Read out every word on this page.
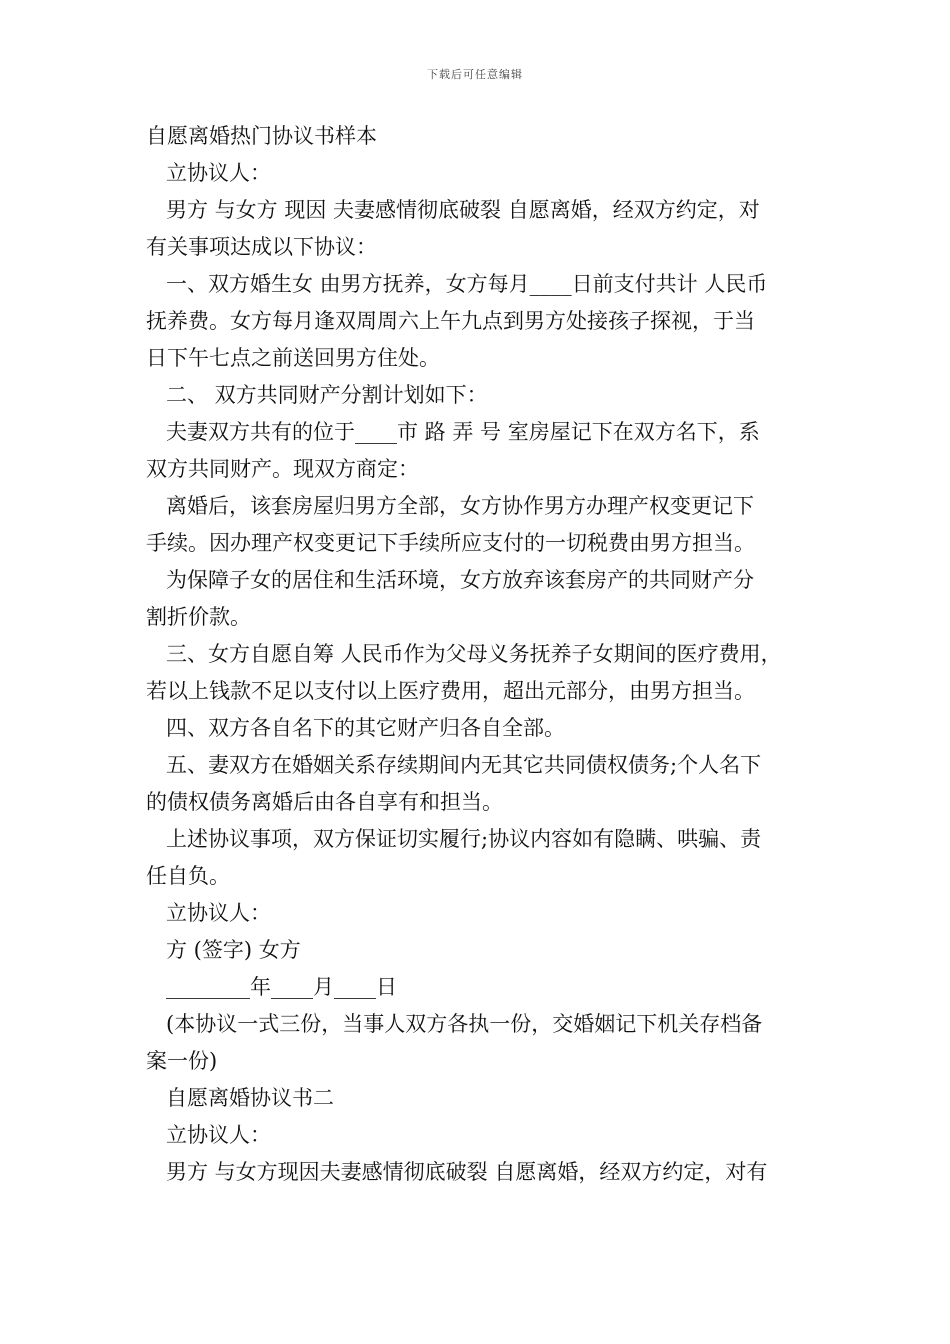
下载后可任意编辑
自愿离婚热门协议书样本
立协议人：
男方 与女方 现因 夫妻感情彻底破裂 自愿离婚，经双方约定，对
有关事项达成以下协议：
一、双方婚生女 由男方抚养，女方每月____日前支付共计 人民币
抚养费。女方每月逢双周周六上午九点到男方处接孩子探视，于当
日下午七点之前送回男方住处。
二、 双方共同财产分割计划如下：
夫妻双方共有的位于____市 路 弄 号 室房屋记下在双方名下，系
双方共同财产。现双方商定：
离婚后，该套房屋归男方全部，女方协作男方办理产权变更记下
手续。因办理产权变更记下手续所应支付的一切税费由男方担当。
为保障子女的居住和生活环境，女方放弃该套房产的共同财产分
割折价款。
三、女方自愿自筹 人民币作为父母义务抚养子女期间的医疗费用，
若以上钱款不足以支付以上医疗费用，超出元部分，由男方担当。
四、双方各自名下的其它财产归各自全部。
五、妻双方在婚姻关系存续期间内无其它共同债权债务;个人名下
的债权债务离婚后由各自享有和担当。
上述协议事项，双方保证切实履行;协议内容如有隐瞒、哄骗、责
任自负。
立协议人：
方 (签字) 女方
________年____月____日
(本协议一式三份，当事人双方各执一份，交婚姻记下机关存档备
案一份)
自愿离婚协议书二
立协议人：
男方 与女方现因夫妻感情彻底破裂 自愿离婚，经双方约定，对有
